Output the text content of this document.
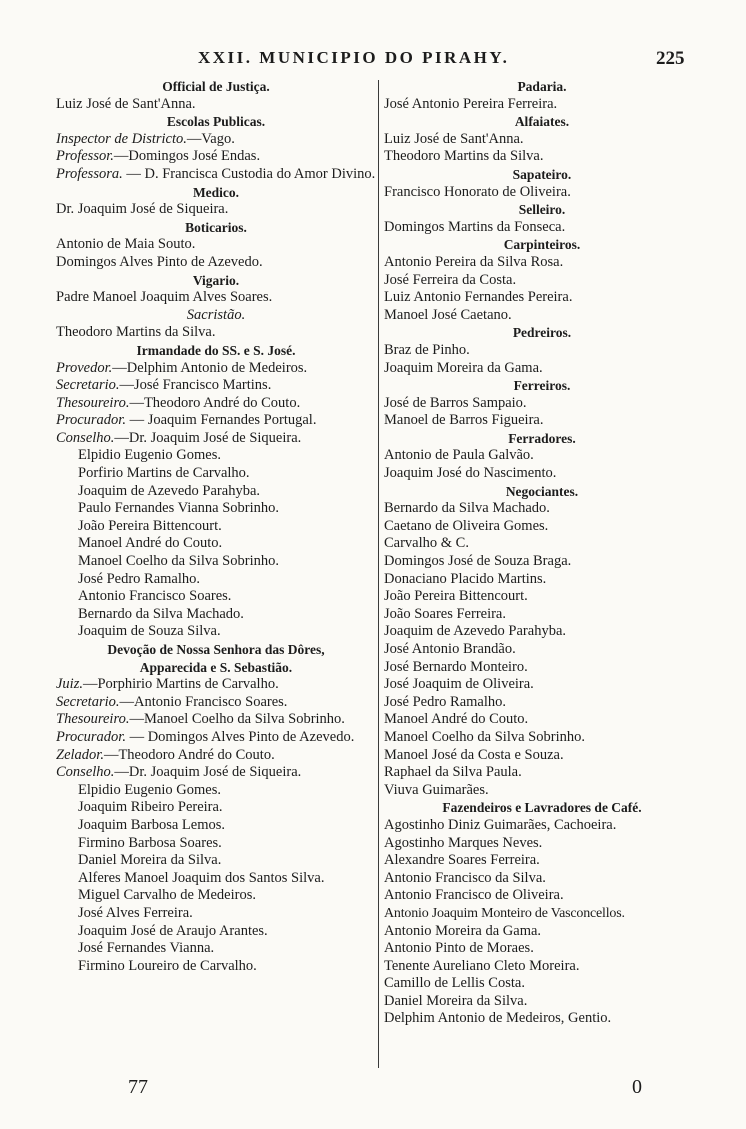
XXII. MUNICIPIO DO PIRAHY.	225
Official de Justiça.
Luiz José de Sant'Anna.
Escolas Publicas.
Inspector de Districto.—Vago.
Professor.—Domingos José Endas.
Professora. — D. Francisca Custodia do Amor Divino.
Medico.
Dr. Joaquim José de Siqueira.
Boticarios.
Antonio de Maia Souto.
Domingos Alves Pinto de Azevedo.
Vigario.
Padre Manoel Joaquim Alves Soares.
Sacristão.
Theodoro Martins da Silva.
Irmandade do SS. e S. José.
Provedor.—Delphim Antonio de Medeiros.
Secretario.—José Francisco Martins.
Thesoureiro.—Theodoro André do Couto.
Procurador. — Joaquim Fernandes Portugal.
Conselho.—Dr. Joaquim José de Siqueira.
Elpidio Eugenio Gomes.
Porfirio Martins de Carvalho.
Joaquim de Azevedo Parahyba.
Paulo Fernandes Vianna Sobrinho.
João Pereira Bittencourt.
Manoel André do Couto.
Manoel Coelho da Silva Sobrinho.
José Pedro Ramalho.
Antonio Francisco Soares.
Bernardo da Silva Machado.
Joaquim de Souza Silva.
Devoção de Nossa Senhora das Dôres,
Apparecida e S. Sebastião.
Juiz.—Porphirio Martins de Carvalho.
Secretario.—Antonio Francisco Soares.
Thesoureiro.—Manoel Coelho da Silva Sobrinho.
Procurador. — Domingos Alves Pinto de Azevedo.
Zelador.—Theodoro André do Couto.
Conselho.—Dr. Joaquim José de Siqueira.
Elpidio Eugenio Gomes.
Joaquim Ribeiro Pereira.
Joaquim Barbosa Lemos.
Firmino Barbosa Soares.
Daniel Moreira da Silva.
Alferes Manoel Joaquim dos Santos Silva.
Miguel Carvalho de Medeiros.
José Alves Ferreira.
Joaquim José de Araujo Arantes.
José Fernandes Vianna.
Firmino Loureiro de Carvalho.
Padaria.
José Antonio Pereira Ferreira.
Alfaiates.
Luiz José de Sant'Anna.
Theodoro Martins da Silva.
Sapateiro.
Francisco Honorato de Oliveira.
Selleiro.
Domingos Martins da Fonseca.
Carpinteiros.
Antonio Pereira da Silva Rosa.
José Ferreira da Costa.
Luiz Antonio Fernandes Pereira.
Manoel José Caetano.
Pedreiros.
Braz de Pinho.
Joaquim Moreira da Gama.
Ferreiros.
José de Barros Sampaio.
Manoel de Barros Figueira.
Ferradores.
Antonio de Paula Galvão.
Joaquim José do Nascimento.
Negociantes.
Bernardo da Silva Machado.
Caetano de Oliveira Gomes.
Carvalho & C.
Domingos José de Souza Braga.
Donaciano Placido Martins.
João Pereira Bittencourt.
João Soares Ferreira.
Joaquim de Azevedo Parahyba.
José Antonio Brandão.
José Bernardo Monteiro.
José Joaquim de Oliveira.
José Pedro Ramalho.
Manoel André do Couto.
Manoel Coelho da Silva Sobrinho.
Manoel José da Costa e Souza.
Raphael da Silva Paula.
Viuva Guimarães.
Fazendeiros e Lavradores de Café.
Agostinho Diniz Guimarães, Cachoeira.
Agostinho Marques Neves.
Alexandre Soares Ferreira.
Antonio Francisco da Silva.
Antonio Francisco de Oliveira.
Antonio Joaquim Monteiro de Vasconcellos.
Antonio Moreira da Gama.
Antonio Pinto de Moraes.
Tenente Aureliano Cleto Moreira.
Camillo de Lellis Costa.
Daniel Moreira da Silva.
Delphim Antonio de Medeiros, Gentio.
77	0
